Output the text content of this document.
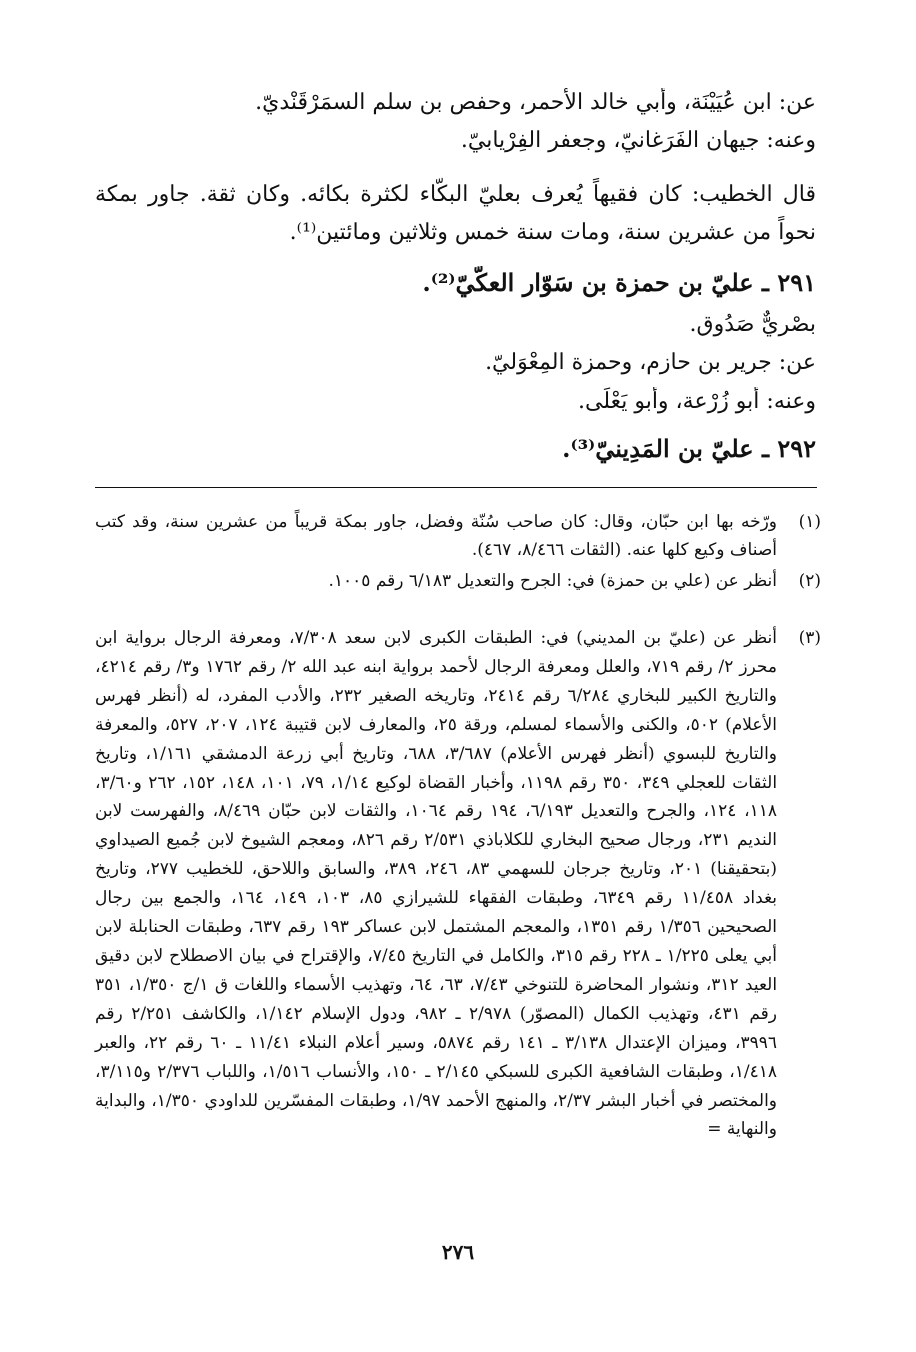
عن: ابن عُيَيْنَة، وأبي خالد الأحمر، وحفص بن سلم السمَرْقَنْديّ.
وعنه: جيهان الفَرَغانيّ، وجعفر الفِرْيابيّ.
قال الخطيب: كان فقيهاً يُعرف بعليّ البكّاء لكثرة بكائه. وكان ثقة. جاور بمكة نحواً من عشرين سنة، ومات سنة خمس وثلاثين ومائتين⁽¹⁾.
٢٩١ ـ عليّ بن حمزة بن سَوّار العكّيّ⁽²⁾.
بصْريٌّ صَدُوق.
عن: جرير بن حازم، وحمزة المِعْوَليّ.
وعنه: أبو زُرْعة، وأبو يَعْلَى.
٢٩٢ ـ عليّ بن المَدِينيّ⁽³⁾.
(١)
ورّخه بها ابن حبّان، وقال: كان صاحب سُنّة وفضل، جاور بمكة قريباً من عشرين سنة، وقد كتب أصناف وكيع كلها عنه. (الثقات ٨/٤٦٦، ٤٦٧).
(٢)
أنظر عن (علي بن حمزة) في: الجرح والتعديل ٦/١٨٣ رقم ١٠٠٥.
(٣)
أنظر عن (عليّ بن المديني) في: الطبقات الكبرى لابن سعد ٧/٣٠٨، ومعرفة الرجال برواية ابن محرز ٢/ رقم ٧١٩، والعلل ومعرفة الرجال لأحمد برواية ابنه عبد الله ٢/ رقم ١٧٦٢ و٣/ رقم ٤٢١٤، والتاريخ الكبير للبخاري ٦/٢٨٤ رقم ٢٤١٤، وتاريخه الصغير ٢٣٢، والأدب المفرد، له (أنظر فهرس الأعلام) ٥٠٢، والكنى والأسماء لمسلم، ورقة ٢٥، والمعارف لابن قتيبة ١٢٤، ٢٠٧، ٥٢٧، والمعرفة والتاريخ للبسوي (أنظر فهرس الأعلام) ٣/٦٨٧، ٦٨٨، وتاريخ أبي زرعة الدمشقي ١/١٦١، وتاريخ الثقات للعجلي ٣٤٩، ٣٥٠ رقم ١١٩٨، وأخبار القضاة لوكيع ١/١٤، ٧٩، ١٠١، ١٤٨، ١٥٢، ٢٦٢ و٣/٦٠، ١١٨، ١٢٤، والجرح والتعديل ٦/١٩٣، ١٩٤ رقم ١٠٦٤، والثقات لابن حبّان ٨/٤٦٩، والفهرست لابن النديم ٢٣١، ورجال صحيح البخاري للكلاباذي ٢/٥٣١ رقم ٨٢٦، ومعجم الشيوخ لابن جُميع الصيداوي (بتحقيقنا) ٢٠١، وتاريخ جرجان للسهمي ٨٣، ٢٤٦، ٣٨٩، والسابق واللاحق، للخطيب ٢٧٧، وتاريخ بغداد ١١/٤٥٨ رقم ٦٣٤٩، وطبقات الفقهاء للشيرازي ٨٥، ١٠٣، ١٤٩، ١٦٤، والجمع بين رجال الصحيحين ١/٣٥٦ رقم ١٣٥١، والمعجم المشتمل لابن عساكر ١٩٣ رقم ٦٣٧، وطبقات الحنابلة لابن أبي يعلى ١/٢٢٥ ـ ٢٢٨ رقم ٣١٥، والكامل في التاريخ ٧/٤٥، والإقتراح في بيان الاصطلاح لابن دقيق العيد ٣١٢، ونشوار المحاضرة للتنوخي ٧/٤٣، ٦٣، ٦٤، وتهذيب الأسماء واللغات ق ١/ج ١/٣٥٠، ٣٥١ رقم ٤٣١، وتهذيب الكمال (المصوّر) ٢/٩٧٨ ـ ٩٨٢، ودول الإسلام ١/١٤٢، والكاشف ٢/٢٥١ رقم ٣٩٩٦، وميزان الإعتدال ٣/١٣٨ ـ ١٤١ رقم ٥٨٧٤، وسير أعلام النبلاء ١١/٤١ ـ ٦٠ رقم ٢٢، والعبر ١/٤١٨، وطبقات الشافعية الكبرى للسبكي ٢/١٤٥ ـ ١٥٠، والأنساب ١/٥١٦، واللباب ٢/٣٧٦ و٣/١١٥، والمختصر في أخبار البشر ٢/٣٧، والمنهج الأحمد ١/٩٧، وطبقات المفسّرين للداودي ١/٣٥٠، والبداية والنهاية =
٢٧٦
